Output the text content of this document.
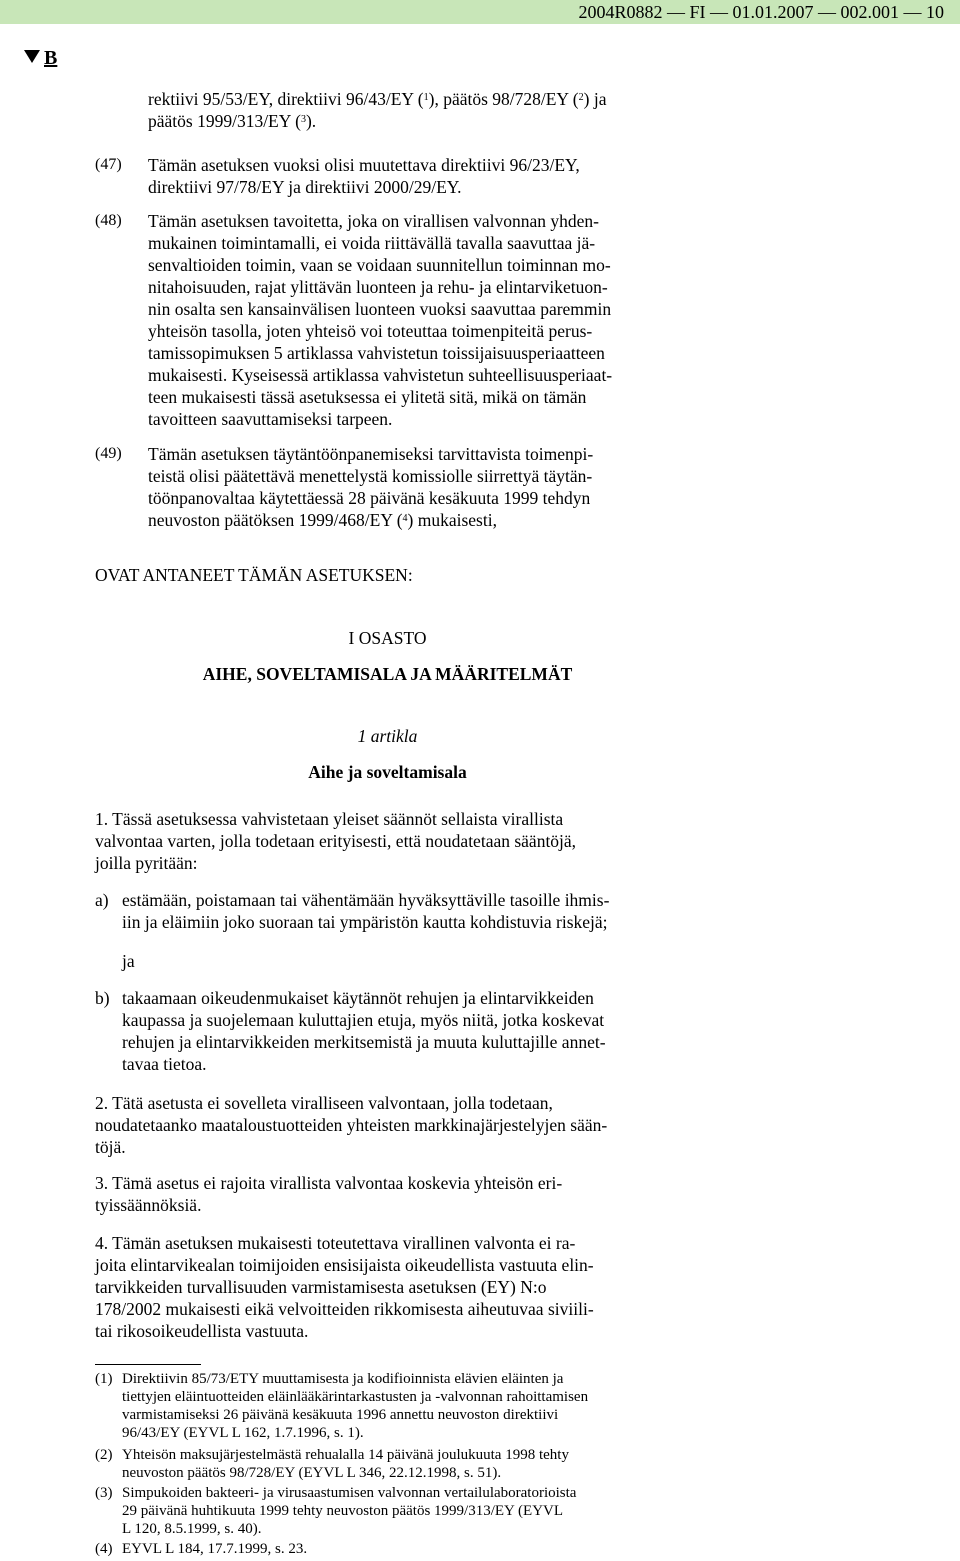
2004R0882 — FI — 01.01.2007 — 002.001 — 10
B
rektiivi 95/53/EY, direktiivi 96/43/EY ($^1$), päätös 98/728/EY ($^2$) ja
päätös 1999/313/EY ($^3$).
(47) Tämän asetuksen vuoksi olisi muutettava direktiivi 96/23/EY,
direktiivi 97/78/EY ja direktiivi 2000/29/EY.
(48) Tämän asetuksen tavoitetta, joka on virallisen valvonnan yhden-
mukainen toimintamalli, ei voida riittävällä tavalla saavuttaa jä-
senvaltioiden toimin, vaan se voidaan suunnitellun toiminnan mo-
nitahoisuuden, rajat ylittävän luonteen ja rehu- ja elintarviketuon-
nin osalta sen kansainvälisen luonteen vuoksi saavuttaa paremmin
yhteisön tasolla, joten yhteisö voi toteuttaa toimenpiteitä perus-
tamissopimuksen 5 artiklassa vahvistetun toissijaisuusperiaatteen
mukaisesti. Kyseisessä artiklassa vahvistetun suhteellisuusperiaat-
teen mukaisesti tässä asetuksessa ei ylitetä sitä, mikä on tämän
tavoitteen saavuttamiseksi tarpeen.
(49) Tämän asetuksen täytäntöönpanemiseksi tarvittavista toimenpi-
teistä olisi päätettävä menettelystä komissiolle siirrettyä täytän-
töönpanovaltaa käytettäessä 28 päivänä kesäkuuta 1999 tehdyn
neuvoston päätöksen 1999/468/EY ($^4$) mukaisesti,
OVAT ANTANEET TÄMÄN ASETUKSEN:
I OSASTO
AIHE, SOVELTAMISALA JA MÄÄRITELMÄT
1 artikla
Aihe ja soveltamisala
1. Tässä asetuksessa vahvistetaan yleiset säännöt sellaista virallista
valvontaa varten, jolla todetaan erityisesti, että noudatetaan sääntöjä,
joilla pyritään:
a) estämään, poistamaan tai vähentämään hyväksyttäville tasoille ihmis-
iin ja eläimiin joko suoraan tai ympäristön kautta kohdistuvia riskejä;
ja
b) takaamaan oikeudenmukaiset käytännöt rehujen ja elintarvikkeiden
kaupassa ja suojelemaan kuluttajien etuja, myös niitä, jotka koskevat
rehujen ja elintarvikkeiden merkitsemistä ja muuta kuluttajille annet-
tavaa tietoa.
2. Tätä asetusta ei sovelleta viralliseen valvontaan, jolla todetaan,
noudatetaanko maataloustuotteiden yhteisten markkinajärjestelyjen sään-
töjä.
3. Tämä asetus ei rajoita virallista valvontaa koskevia yhteisön eri-
tyissäännöksiä.
4. Tämän asetuksen mukaisesti toteutettava virallinen valvonta ei ra-
joita elintarvikealan toimijoiden ensisijaista oikeudellista vastuuta elin-
tarvikkeiden turvallisuuden varmistamisesta asetuksen (EY) N:o
178/2002 mukaisesti eikä velvoitteiden rikkomisesta aiheutuvaa siviili-
tai rikosoikeudellista vastuuta.
(1) Direktiivin 85/73/ETY muuttamisesta ja kodifioinnista elävien eläinten ja
tiettyjen eläintuotteiden eläinlääkärintarkastusten ja -valvonnan rahoittamisen
varmistamiseksi 26 päivänä kesäkuuta 1996 annettu neuvoston direktiivi
96/43/EY (EYVL L 162, 1.7.1996, s. 1).
(2) Yhteisön maksujärjestelmästä rehualalla 14 päivänä joulukuuta 1998 tehty
neuvoston päätös 98/728/EY (EYVL L 346, 22.12.1998, s. 51).
(3) Simpukoiden bakteeri- ja virusaastumisen valvonnan vertailulaboratorioista
29 päivänä huhtikuuta 1999 tehty neuvoston päätös 1999/313/EY (EYVL
L 120, 8.5.1999, s. 40).
(4) EYVL L 184, 17.7.1999, s. 23.
